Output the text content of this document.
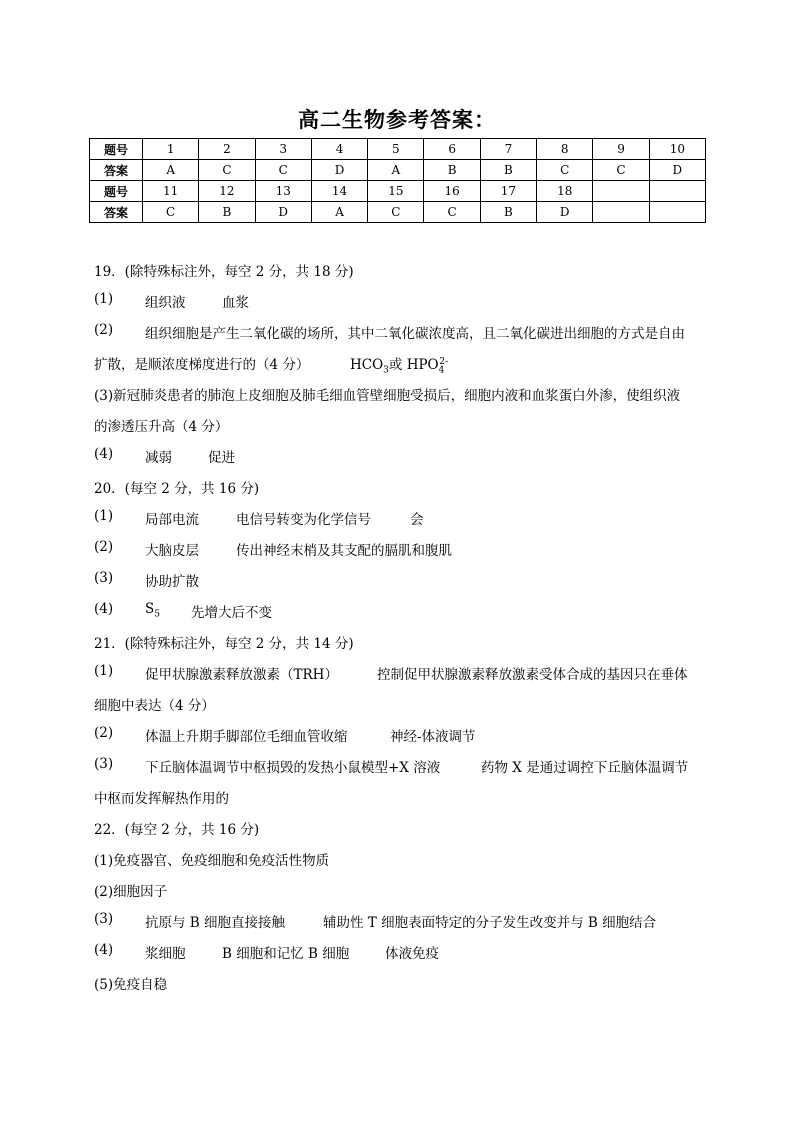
高二生物参考答案：
题号	1	2	3	4	5	6	7	8	9	10
答案	A	C	C	D	A	B	B	C	C	D
题号	11	12	13	14	15	16	17	18		
答案	C	B	D	A	C	C	B	D		
19．(除特殊标注外，每空 2 分，共 18 分)
(1) 组织液	血浆
(2) 组织细胞是产生二氧化碳的场所，其中二氧化碳浓度高，且二氧化碳进出细胞的方式是自由
扩散，是顺浓度梯度进行的（4 分）	$HCO_3$或 $HPO_4^{2-}$
(3)新冠肺炎患者的肺泡上皮细胞及肺毛细血管壁细胞受损后，细胞内液和血浆蛋白外渗，使组织液
的渗透压升高（4 分）
(4) 减弱	促进
20．(每空 2 分，共 16 分)
(1) 局部电流	电信号转变为化学信号	会
(2) 大脑皮层	传出神经末梢及其支配的膈肌和腹肌
(3) 协助扩散
(4) $S_5$ 先增大后不变
21．(除特殊标注外，每空 2 分，共 14 分)
(1) 促甲状腺激素释放激素（TRH）	控制促甲状腺激素释放激素受体合成的基因只在垂体
细胞中表达（4 分）
(2) 体温上升期手脚部位毛细血管收缩	神经-体液调节
(3) 下丘脑体温调节中枢损毁的发热小鼠模型+X 溶液	药物 X 是通过调控下丘脑体温调节
中枢而发挥解热作用的
22．(每空 2 分，共 16 分)
(1)免疫器官、免疫细胞和免疫活性物质
(2)细胞因子
(3) 抗原与 B 细胞直接接触	辅助性 T 细胞表面特定的分子发生改变并与 B 细胞结合
(4) 浆细胞	B 细胞和记忆 B 细胞	体液免疫
(5)免疫自稳
